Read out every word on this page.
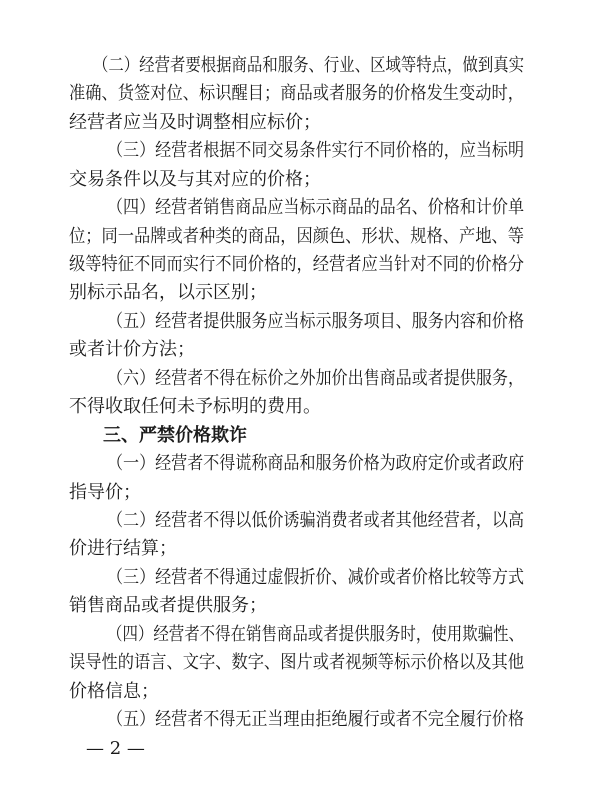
（二）经营者要根据商品和服务、行业、区域等特点，做到真实
准确、货签对位、标识醒目；商品或者服务的价格发生变动时，
经营者应当及时调整相应标价；
（三）经营者根据不同交易条件实行不同价格的，应当标明
交易条件以及与其对应的价格；
（四）经营者销售商品应当标示商品的品名、价格和计价单
位；同一品牌或者种类的商品，因颜色、形状、规格、产地、等
级等特征不同而实行不同价格的，经营者应当针对不同的价格分
别标示品名，以示区别；
（五）经营者提供服务应当标示服务项目、服务内容和价格
或者计价方法；
（六）经营者不得在标价之外加价出售商品或者提供服务，
不得收取任何未予标明的费用。
三、严禁价格欺诈
（一）经营者不得谎称商品和服务价格为政府定价或者政府
指导价；
（二）经营者不得以低价诱骗消费者或者其他经营者，以高
价进行结算；
（三）经营者不得通过虚假折价、减价或者价格比较等方式
销售商品或者提供服务；
（四）经营者不得在销售商品或者提供服务时，使用欺骗性、
误导性的语言、文字、数字、图片或者视频等标示价格以及其他
价格信息；
（五）经营者不得无正当理由拒绝履行或者不完全履行价格
— 2 —
